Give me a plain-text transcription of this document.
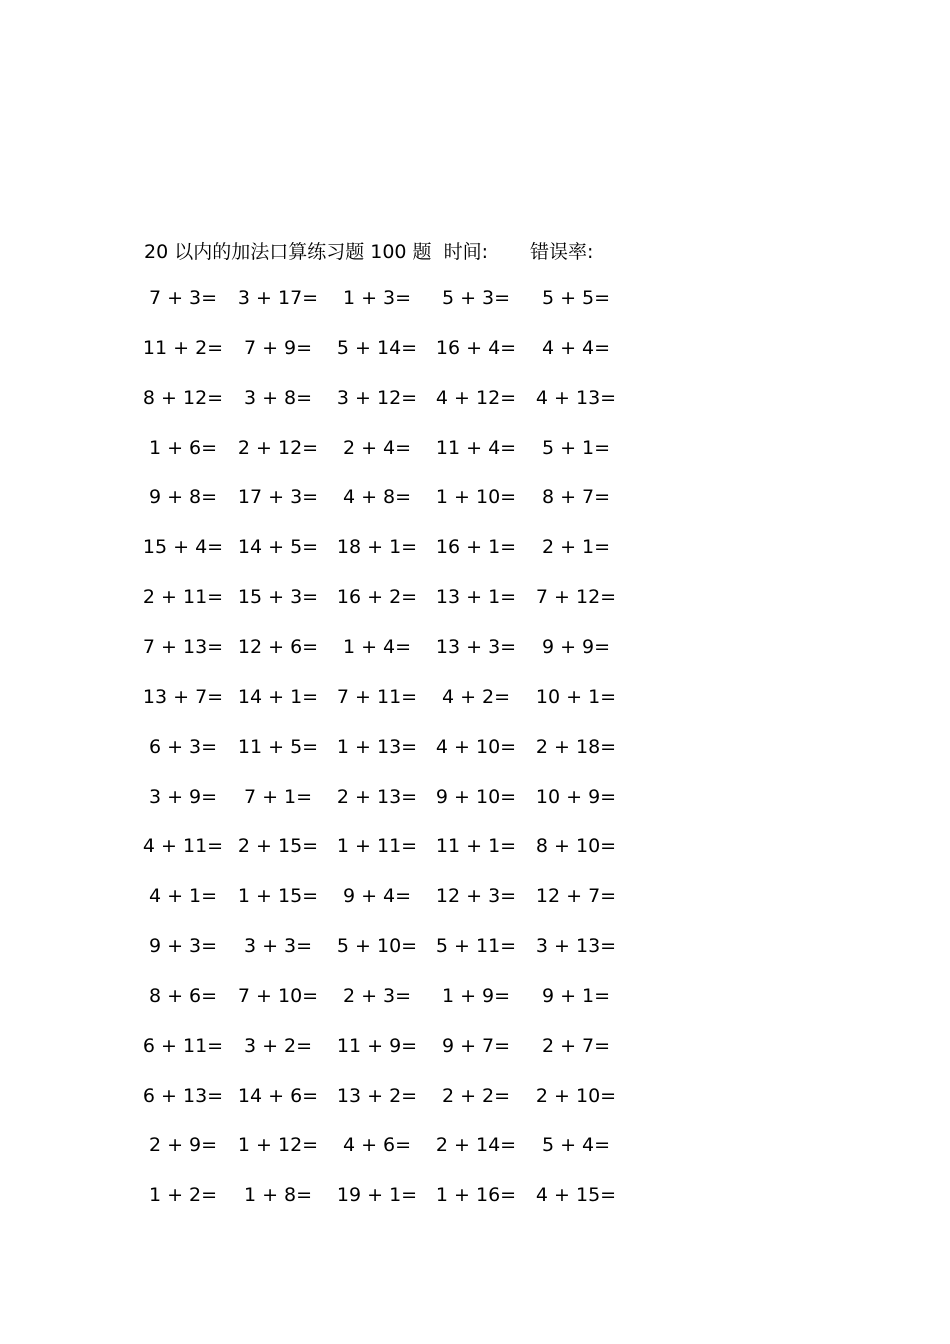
20 以内的加法口算练习题 100 题 时间: 错误率:
7 + 3=	3 + 17=	1 + 3=	5 + 3=	5 + 5=
11 + 2=	7 + 9=	5 + 14= 16 + 4=	4 + 4=
8 + 12=	3 + 8=	3 + 12= 4 + 12= 4 + 13=
1 + 6=	2 + 12=	2 + 4=	11 + 4=	5 + 1=
9 + 8=	17 + 3=	4 + 8=	1 + 10=	8 + 7=
15 + 4= 14 + 5= 18 + 1= 16 + 1=	2 + 1=
2 + 11= 15 + 3= 16 + 2= 13 + 1= 7 + 12=
7 + 13= 12 + 6=	1 + 4=	13 + 3=	9 + 9=
13 + 7= 14 + 1= 7 + 11=	4 + 2=	10 + 1=
6 + 3=	11 + 5= 1 + 13= 4 + 10= 2 + 18=
3 + 9=	7 + 1=	2 + 13= 9 + 10= 10 + 9=
4 + 11= 2 + 15= 1 + 11= 11 + 1= 8 + 10=
4 + 1=	1 + 15=	9 + 4=	12 + 3= 12 + 7=
9 + 3=	3 + 3=	5 + 10= 5 + 11= 3 + 13=
8 + 6=	7 + 10=	2 + 3=	1 + 9=	9 + 1=
6 + 11=	3 + 2=	11 + 9=	9 + 7=	2 + 7=
6 + 13= 14 + 6= 13 + 2=	2 + 2=	2 + 10=
2 + 9=	1 + 12=	4 + 6=	2 + 14=	5 + 4=
1 + 2=	1 + 8=	19 + 1= 1 + 16= 4 + 15=
